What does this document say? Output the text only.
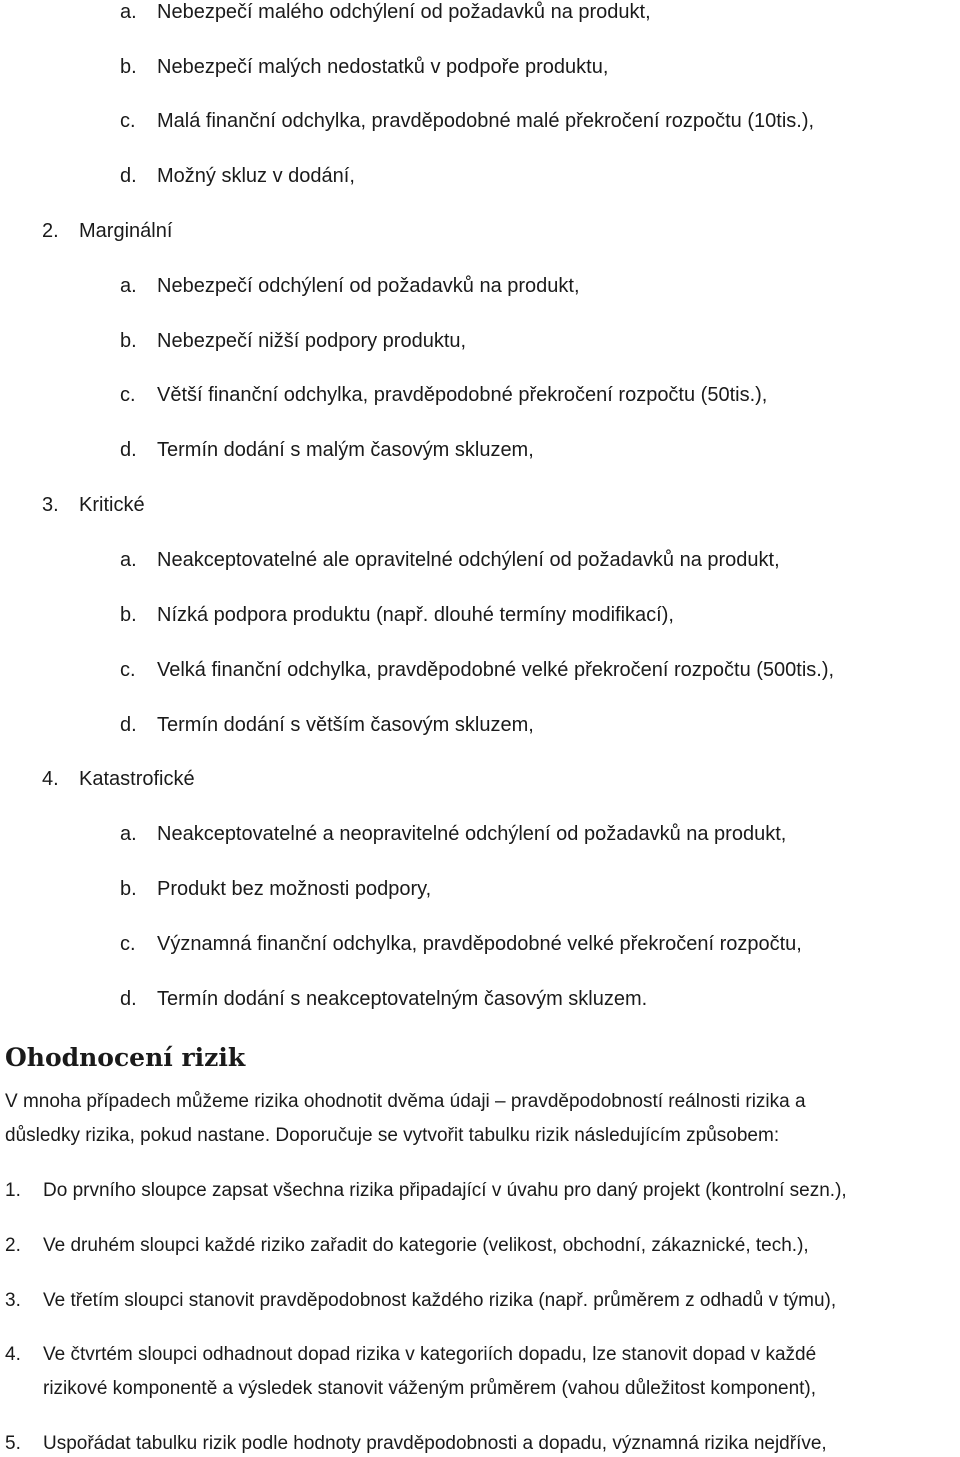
a. Nebezpečí malého odchýlení od požadavků na produkt,
b. Nebezpečí malých nedostatků v podpoře produktu,
c. Malá finanční odchylka, pravděpodobné malé překročení rozpočtu (10tis.),
d. Možný skluz v dodání,
2. Marginální
a. Nebezpečí odchýlení od požadavků na produkt,
b. Nebezpečí nižší podpory produktu,
c. Větší finanční odchylka, pravděpodobné překročení rozpočtu (50tis.),
d. Termín dodání s malým časovým skluzem,
3. Kritické
a. Neakceptovatelné ale opravitelné odchýlení od požadavků na produkt,
b. Nízká podpora produktu (např. dlouhé termíny modifikací),
c. Velká finanční odchylka, pravděpodobné velké překročení rozpočtu (500tis.),
d. Termín dodání s větším časovým skluzem,
4. Katastrofické
a. Neakceptovatelné a neopravitelné odchýlení od požadavků na produkt,
b. Produkt bez možnosti podpory,
c. Významná finanční odchylka, pravděpodobné velké překročení rozpočtu,
d. Termín dodání s neakceptovatelným časovým skluzem.
Ohodnocení rizik
V mnoha případech můžeme rizika ohodnotit dvěma údaji – pravděpodobností reálnosti rizika a
důsledky rizika, pokud nastane. Doporučuje se vytvořit tabulku rizik následujícím způsobem:
1. Do prvního sloupce zapsat všechna rizika připadající v úvahu pro daný projekt (kontrolní sezn.),
2. Ve druhém sloupci každé riziko zařadit do kategorie (velikost, obchodní, zákaznické, tech.),
3. Ve třetím sloupci stanovit pravděpodobnost každého rizika (např. průměrem z odhadů v týmu),
4. Ve čtvrtém sloupci odhadnout dopad rizika v kategoriích dopadu, lze stanovit dopad v každé
rizikové komponentě a výsledek stanovit váženým průměrem (vahou důležitost komponent),
5. Uspořádat tabulku rizik podle hodnoty pravděpodobnosti a dopadu, významná rizika nejdříve,
